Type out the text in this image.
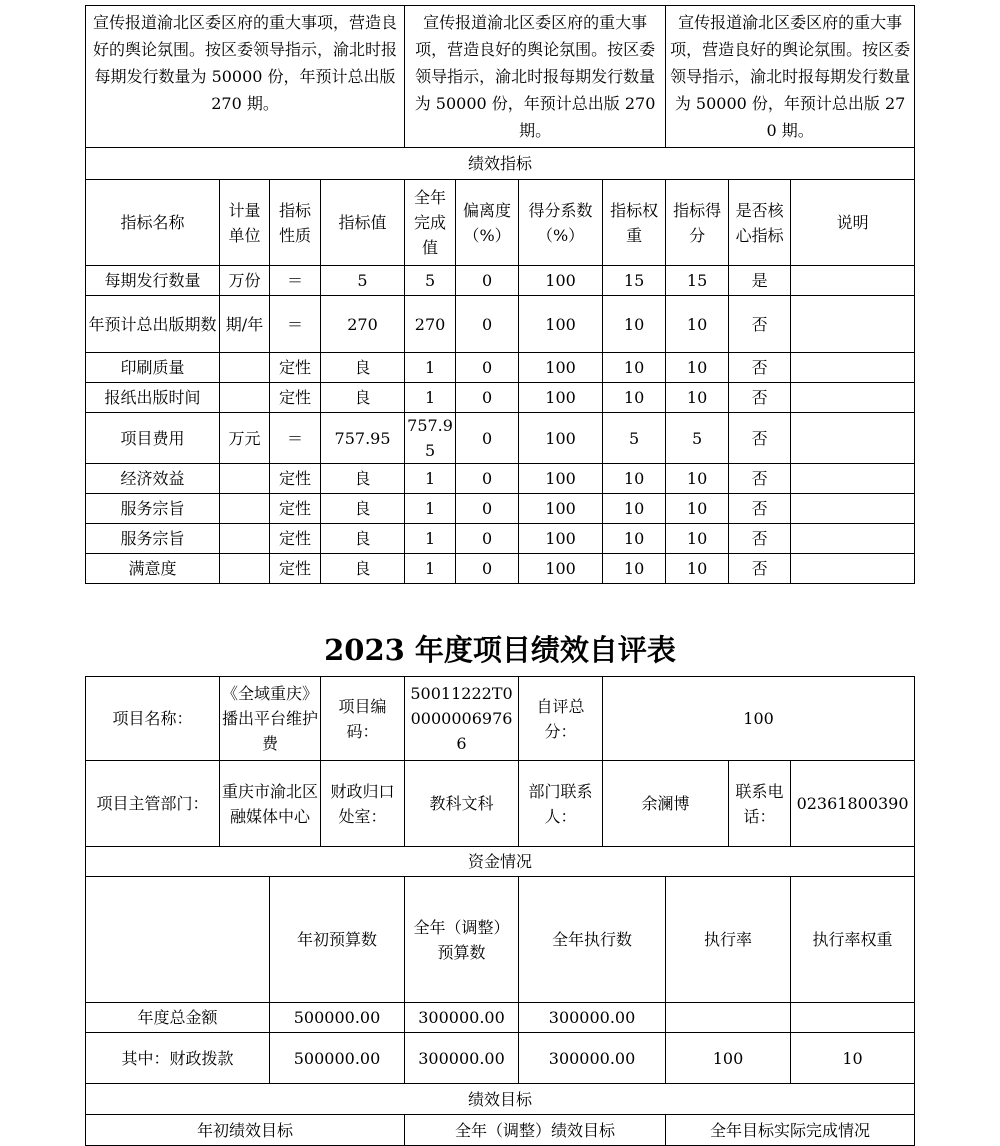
宣传报道渝北区委区府的重大事项，营造良好的舆论氛围。按区委领导指示，渝北时报每期发行数量为 50000 份，年预计总出版 270 期。				宣传报道渝北区委区府的重大事项，营造良好的舆论氛围。按区委领导指示，渝北时报每期发行数量为 50000 份，年预计总出版 270 期。				宣传报道渝北区委区府的重大事项，营造良好的舆论氛围。按区委领导指示，渝北时报每期发行数量为 50000 份，年预计总出版 270 期。		
绩效指标										
指标名称	计量单位	指标性质	指标值	全年完成值	偏离度（%）	得分系数（%）	指标权重	指标得分	是否核心指标	说明
每期发行数量	万份	＝	5	5	0	100	15	15	是	
年预计总出版期数	期/年	＝	270	270	0	100	10	10	否	
印刷质量		定性	良	1	0	100	10	10	否	
报纸出版时间		定性	良	1	0	100	10	10	否	
项目费用	万元	＝	757.95	757.95	0	100	5	5	否	
经济效益		定性	良	1	0	100	10	10	否	
服务宗旨		定性	良	1	0	100	10	10	否	
服务宗旨		定性	良	1	0	100	10	10	否	
满意度		定性	良	1	0	100	10	10	否	
2023 年度项目绩效自评表
项目名称：	《全域重庆》播出平台维护费		项目编码：	50011222T000000069766	自评总分：	100				
项目主管部门：	重庆市渝北区融媒体中心		财政归口处室：	教科文科	部门联系人：	余澜博		联系电话：	02361800390	
资金情况										
		年初预算数		全年（调整）预算数	全年执行数		执行率		执行率权重	
年度总金额		500000.00		300000.00	300000.00					
其中：财政拨款		500000.00		300000.00	300000.00		100		10	
绩效目标										
年初绩效目标				全年（调整）绩效目标			全年目标实际完成情况			
